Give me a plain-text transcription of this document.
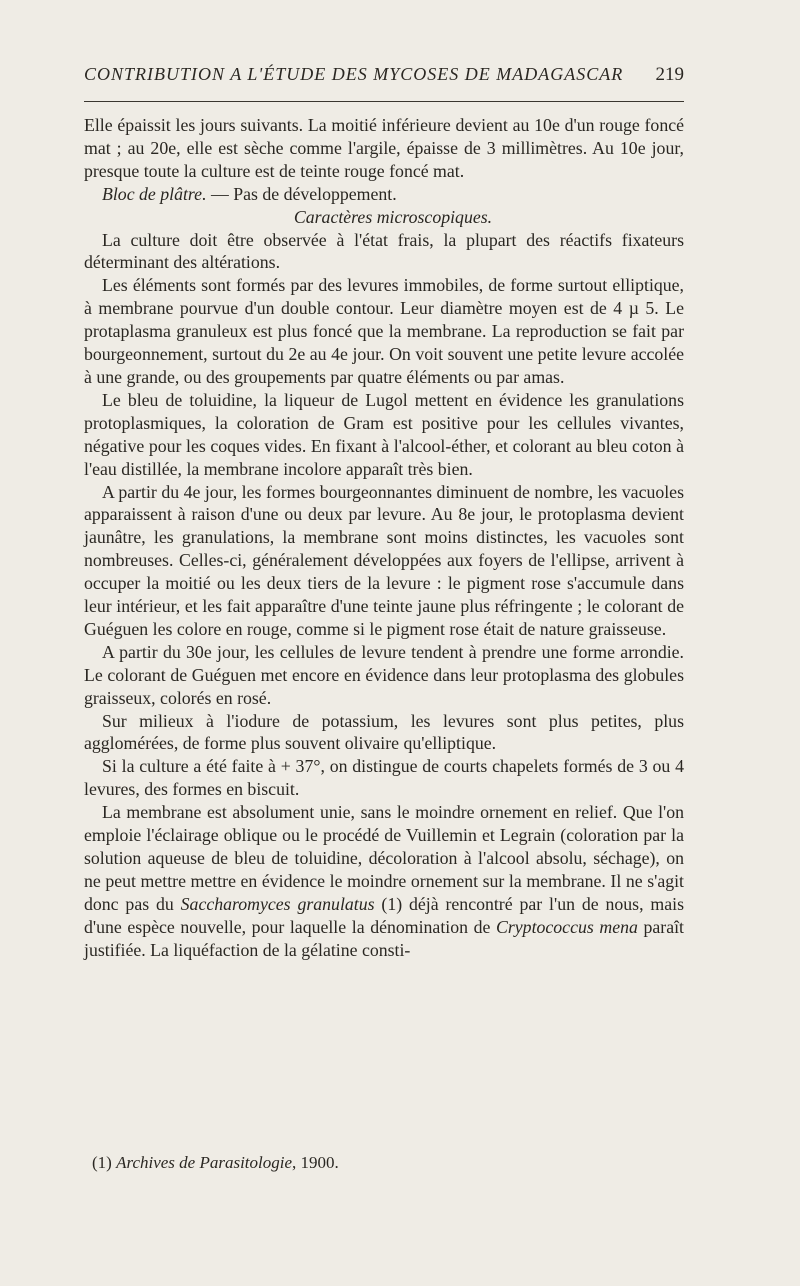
CONTRIBUTION A L'ÉTUDE DES MYCOSES DE MADAGASCAR 219

Elle épaissit les jours suivants. La moitié inférieure devient au 10e d'un rouge foncé mat ; au 20e, elle est sèche comme l'argile, épaisse de 3 millimètres. Au 10e jour, presque toute la culture est de teinte rouge foncé mat.

Bloc de plâtre. — Pas de développement.

Caractères microscopiques.

La culture doit être observée à l'état frais, la plupart des réactifs fixateurs déterminant des altérations.

Les éléments sont formés par des levures immobiles, de forme surtout elliptique, à membrane pourvue d'un double contour. Leur diamètre moyen est de 4 µ 5. Le protaplasma granuleux est plus foncé que la membrane. La reproduction se fait par bourgeonnement, surtout du 2e au 4e jour. On voit souvent une petite levure accolée à une grande, ou des groupements par quatre éléments ou par amas.

Le bleu de toluidine, la liqueur de Lugol mettent en évidence les granulations protoplasmiques, la coloration de Gram est positive pour les cellules vivantes, négative pour les coques vides. En fixant à l'alcool-éther, et colorant au bleu coton à l'eau distillée, la membrane incolore apparaît très bien.

A partir du 4e jour, les formes bourgeonnantes diminuent de nombre, les vacuoles apparaissent à raison d'une ou deux par levure. Au 8e jour, le protoplasma devient jaunâtre, les granulations, la membrane sont moins distinctes, les vacuoles sont nombreuses. Celles-ci, généralement développées aux foyers de l'ellipse, arrivent à occuper la moitié ou les deux tiers de la levure : le pigment rose s'accumule dans leur intérieur, et les fait apparaître d'une teinte jaune plus réfringente ; le colorant de Guéguen les colore en rouge, comme si le pigment rose était de nature graisseuse.

A partir du 30e jour, les cellules de levure tendent à prendre une forme arrondie. Le colorant de Guéguen met encore en évidence dans leur protoplasma des globules graisseux, colorés en rosé.

Sur milieux à l'iodure de potassium, les levures sont plus petites, plus agglomérées, de forme plus souvent olivaire qu'elliptique.

Si la culture a été faite à + 37°, on distingue de courts chapelets formés de 3 ou 4 levures, des formes en biscuit.

La membrane est absolument unie, sans le moindre ornement en relief. Que l'on emploie l'éclairage oblique ou le procédé de Vuillemin et Legrain (coloration par la solution aqueuse de bleu de toluidine, décoloration à l'alcool absolu, séchage), on ne peut mettre mettre en évidence le moindre ornement sur la membrane. Il ne s'agit donc pas du Saccharomyces granulatus (1) déjà rencontré par l'un de nous, mais d'une espèce nouvelle, pour laquelle la dénomination de Cryptococcus mena paraît justifiée. La liquéfaction de la gélatine consti-

(1) Archives de Parasitologie, 1900.
